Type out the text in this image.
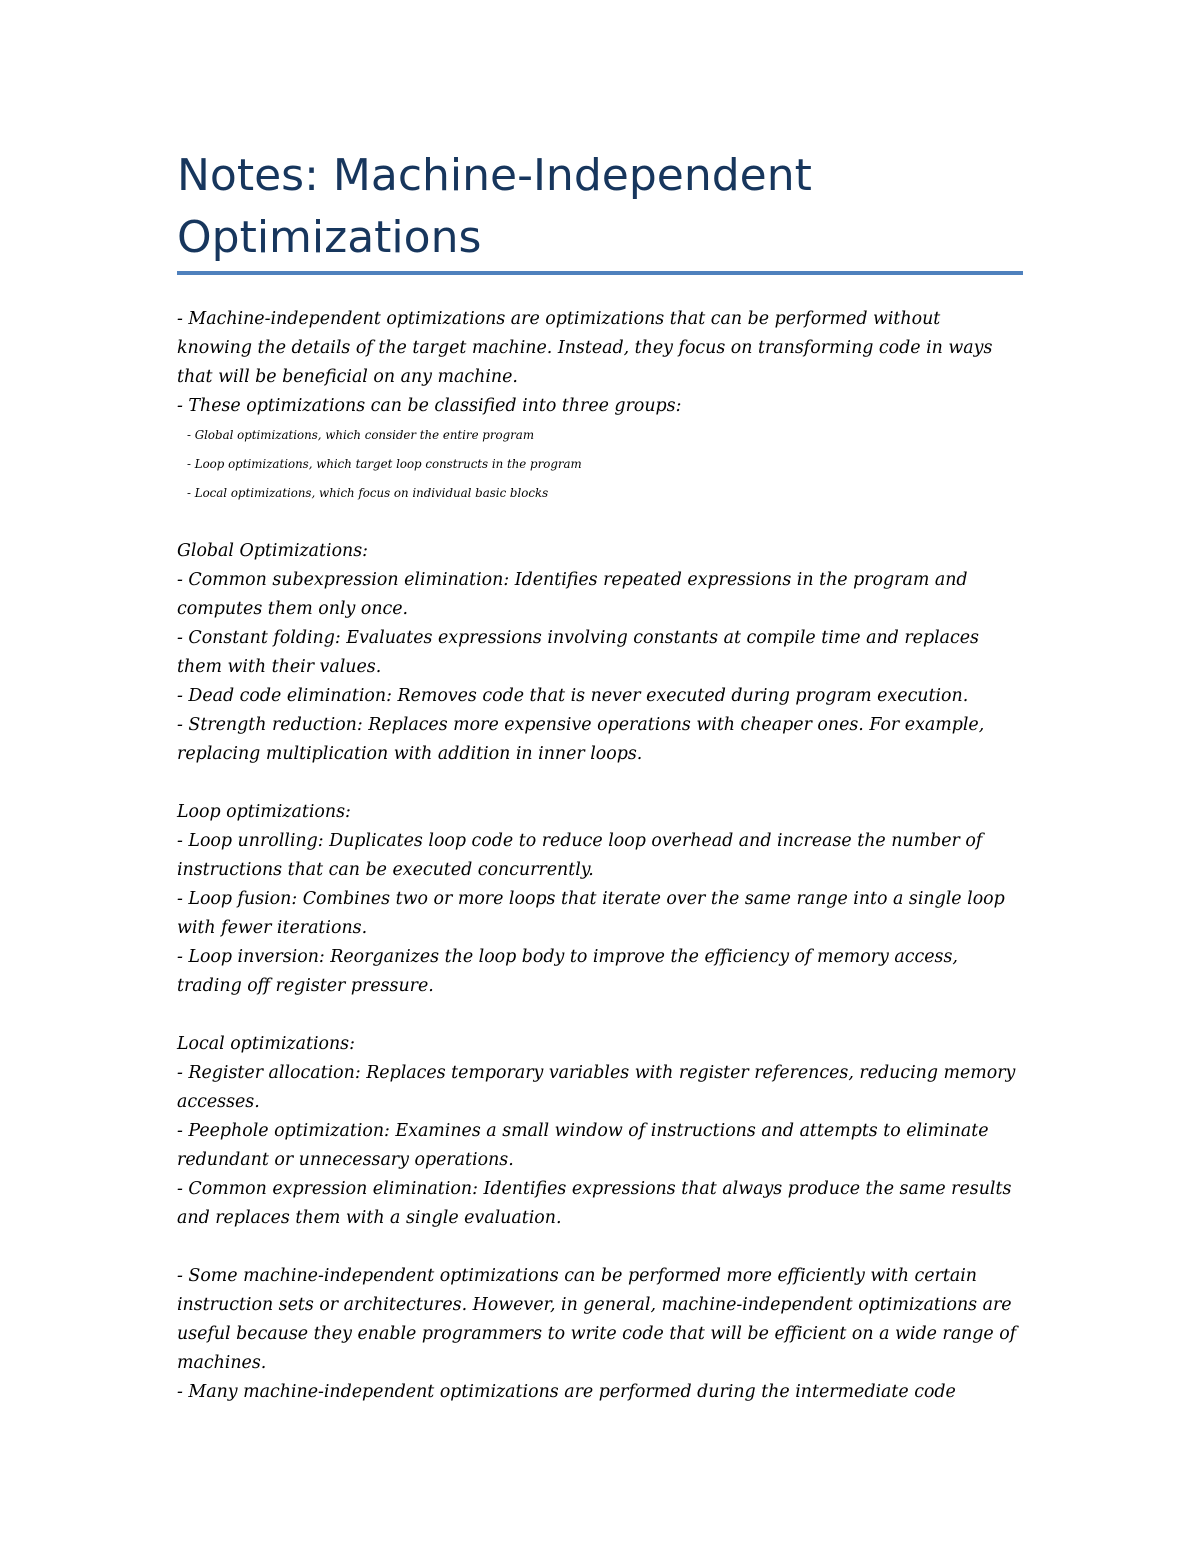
Notes: Machine-Independent
Optimizations
- Machine-independent optimizations are optimizations that can be performed without
knowing the details of the target machine. Instead, they focus on transforming code in ways
that will be beneficial on any machine.
- These optimizations can be classified into three groups:
- Global optimizations, which consider the entire program
- Loop optimizations, which target loop constructs in the program
- Local optimizations, which focus on individual basic blocks
Global Optimizations:
- Common subexpression elimination: Identifies repeated expressions in the program and
computes them only once.
- Constant folding: Evaluates expressions involving constants at compile time and replaces
them with their values.
- Dead code elimination: Removes code that is never executed during program execution.
- Strength reduction: Replaces more expensive operations with cheaper ones. For example,
replacing multiplication with addition in inner loops.
Loop optimizations:
- Loop unrolling: Duplicates loop code to reduce loop overhead and increase the number of
instructions that can be executed concurrently.
- Loop fusion: Combines two or more loops that iterate over the same range into a single loop
with fewer iterations.
- Loop inversion: Reorganizes the loop body to improve the efficiency of memory access,
trading off register pressure.
Local optimizations:
- Register allocation: Replaces temporary variables with register references, reducing memory
accesses.
- Peephole optimization: Examines a small window of instructions and attempts to eliminate
redundant or unnecessary operations.
- Common expression elimination: Identifies expressions that always produce the same results
and replaces them with a single evaluation.
- Some machine-independent optimizations can be performed more efficiently with certain
instruction sets or architectures. However, in general, machine-independent optimizations are
useful because they enable programmers to write code that will be efficient on a wide range of
machines.
- Many machine-independent optimizations are performed during the intermediate code
